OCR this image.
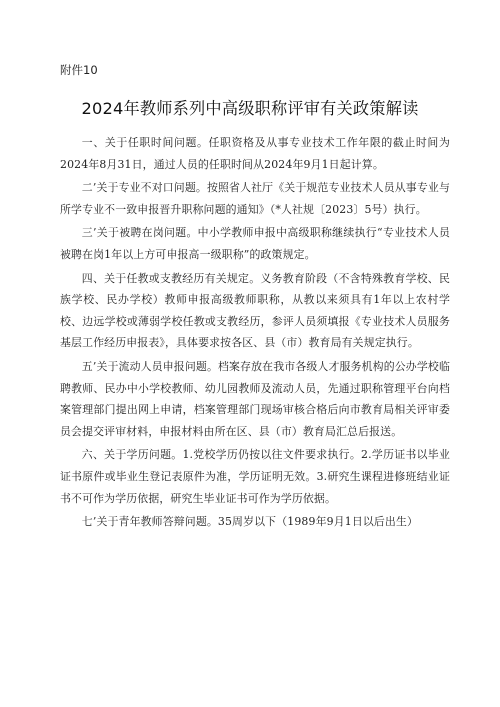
附件10

2024年教师系列中高级职称评审有关政策解读

一、关于任职时间问题。任职资格及从事专业技术工作年限的截止时间为2024年8月31日，通过人员的任职时间从2024年9月1日起计算。

二’关于专业不对口问题。按照省人社厅《关于规范专业技术人员从事专业与所学专业不一致申报晋升职称问题的通知》（*人社规〔2023〕5号）执行。

三’关于被聘在岗问题。中小学教师申报中高级职称继续执行“专业技术人员被聘在岗1年以上方可申报高一级职称”的政策规定。

四、关于任教或支教经历有关规定。义务教育阶段（不含特殊教育学校、民族学校、民办学校）教师申报高级教师职称，从教以来须具有1年以上农村学校、边远学校或薄弱学校任教或支教经历，参评人员须填报《专业技术人员服务基层工作经历申报表》，具体要求按各区、县（市）教育局有关规定执行。

五’关于流动人员申报问题。档案存放在我市各级人才服务机构的公办学校临聘教师、民办中小学校教师、幼儿园教师及流动人员，先通过职称管理平台向档案管理部门提出网上申请，档案管理部门现场审核合格后向市教育局相关评审委员会提交评审材料，申报材料由所在区、县（市）教育局汇总后报送。

六、关于学历问题。1.党校学历仍按以往文件要求执行。2.学历证书以毕业证书原件或毕业生登记表原件为准，学历证明无效。3.研究生课程进修班结业证书不可作为学历依据，研究生毕业证书可作为学历依据。

七’关于青年教师答辩问题。35周岁以下（1989年9月1日以后出生）
